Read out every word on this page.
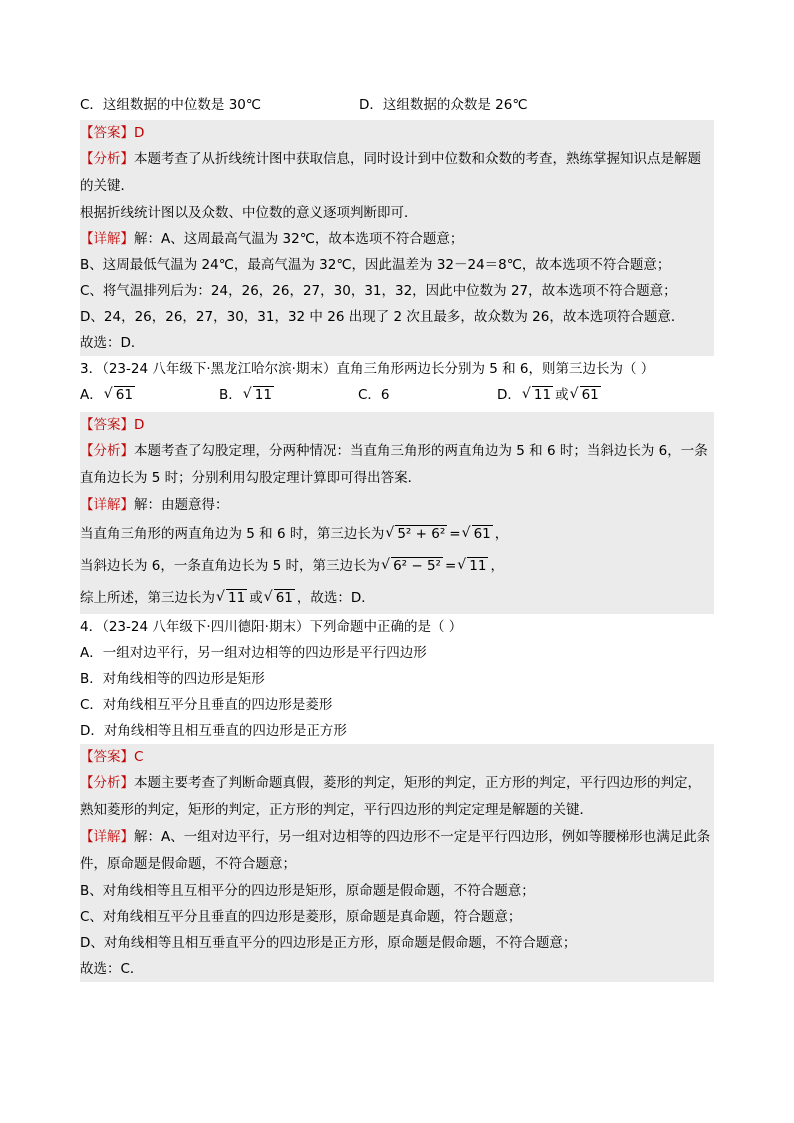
C．这组数据的中位数是 30℃	D．这组数据的众数是 26℃
【答案】D
【分析】本题考查了从折线统计图中获取信息，同时设计到中位数和众数的考查，熟练掌握知识点是解题的关键．
根据折线统计图以及众数、中位数的意义逐项判断即可．
【详解】解：A、这周最高气温为 32℃，故本选项不符合题意；
B、这周最低气温为 24℃，最高气温为 32℃，因此温差为 32－24＝8℃，故本选项不符合题意；
C、将气温排列后为：24，26，26，27，30，31，32，因此中位数为 27，故本选项不符合题意；
D、24，26，26，27，30，31，32 中 26 出现了 2 次且最多，故众数为 26，故本选项符合题意．
故选：D．
3．（23-24 八年级下·黑龙江哈尔滨·期末）直角三角形两边长分别为 5 和 6，则第三边长为（ ）
A． √ 61	B． √ 11	C．6	D． √ 11 或 √ 61
【答案】D
【分析】本题考查了勾股定理，分两种情况：当直角三角形的两直角边为 5 和 6 时；当斜边长为 6，一条直角边长为 5 时；分别利用勾股定理计算即可得出答案．
【详解】解：由题意得：
当直角三角形的两直角边为 5 和 6 时，第三边长为 √ 5² + 6² = √ 61 ，
当斜边长为 6，一条直角边长为 5 时，第三边长为 √ 6² − 5² = √ 11 ，
综上所述，第三边长为 √ 11 或 √ 61 ，故选：D．
4．（23-24 八年级下·四川德阳·期末）下列命题中正确的是（ ）
A．一组对边平行，另一组对边相等的四边形是平行四边形
B．对角线相等的四边形是矩形
C．对角线相互平分且垂直的四边形是菱形
D．对角线相等且相互垂直的四边形是正方形
【答案】C
【分析】本题主要考查了判断命题真假，菱形的判定，矩形的判定，正方形的判定，平行四边形的判定，熟知菱形的判定，矩形的判定，正方形的判定，平行四边形的判定定理是解题的关键．
【详解】解：A、一组对边平行，另一组对边相等的四边形不一定是平行四边形，例如等腰梯形也满足此条件，原命题是假命题，不符合题意；
B、对角线相等且互相平分的四边形是矩形，原命题是假命题，不符合题意；
C、对角线相互平分且垂直的四边形是菱形，原命题是真命题，符合题意；
D、对角线相等且相互垂直平分的四边形是正方形，原命题是假命题，不符合题意；
故选：C．
